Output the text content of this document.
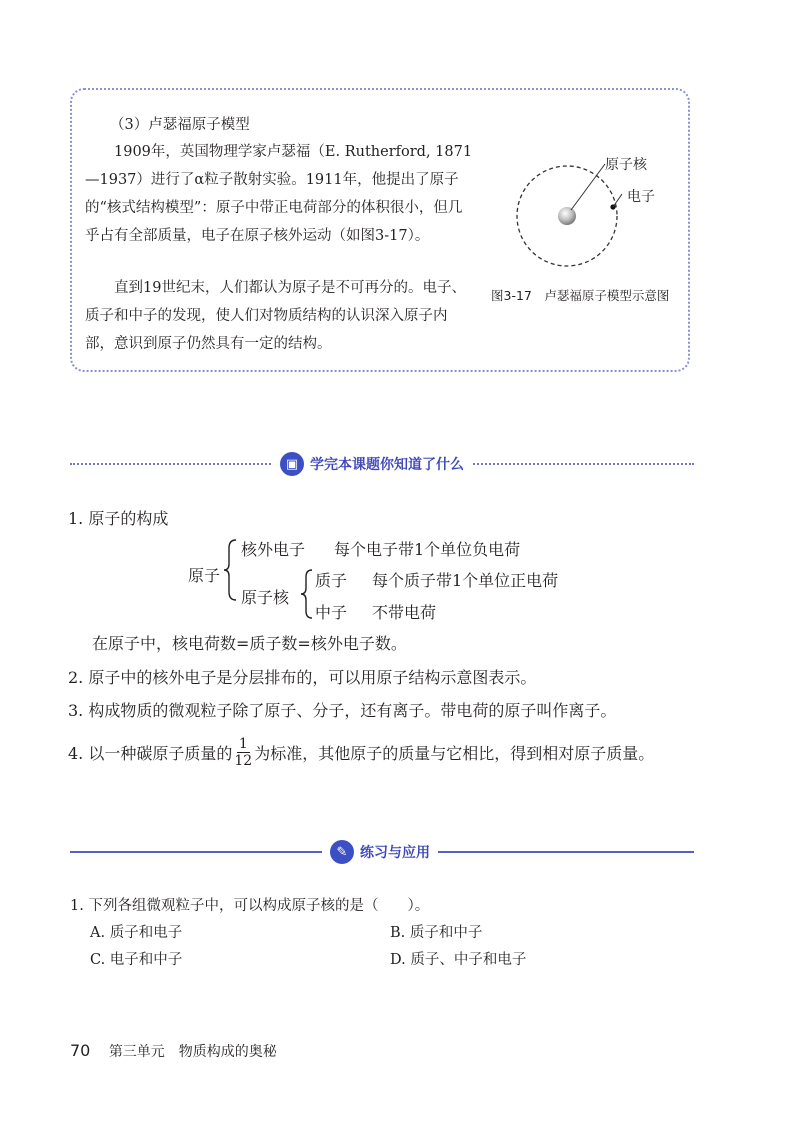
（3）卢瑟福原子模型
1909年，英国物理学家卢瑟福（E. Rutherford, 1871—1937）进行了α粒子散射实验。1911年，他提出了原子的“核式结构模型”：原子中带正电荷部分的体积很小，但几乎占有全部质量，电子在原子核外运动（如图3-17）。
直到19世纪末，人们都认为原子是不可再分的。电子、质子和中子的发现，使人们对物质结构的认识深入原子内部，意识到原子仍然具有一定的结构。
原子核
电子
图3-17　卢瑟福原子模型示意图
▣ 学完本课题你知道了什么
1. 原子的构成
原子
核外电子 每个电子带1个单位负电荷
原子核
质子 每个质子带1个单位正电荷
中子 不带电荷
在原子中，核电荷数=质子数=核外电子数。
2. 原子中的核外电子是分层排布的，可以用原子结构示意图表示。
3. 构成物质的微观粒子除了原子、分子，还有离子。带电荷的原子叫作离子。
4. 以一种碳原子质量的 $\frac{1}{12}$ 为标准，其他原子的质量与它相比，得到相对原子质量。
✎ 练习与应用
1. 下列各组微观粒子中，可以构成原子核的是（　　）。
A. 质子和电子	B. 质子和中子
C. 电子和中子	D. 质子、中子和电子
70 第三单元　物质构成的奥秘
